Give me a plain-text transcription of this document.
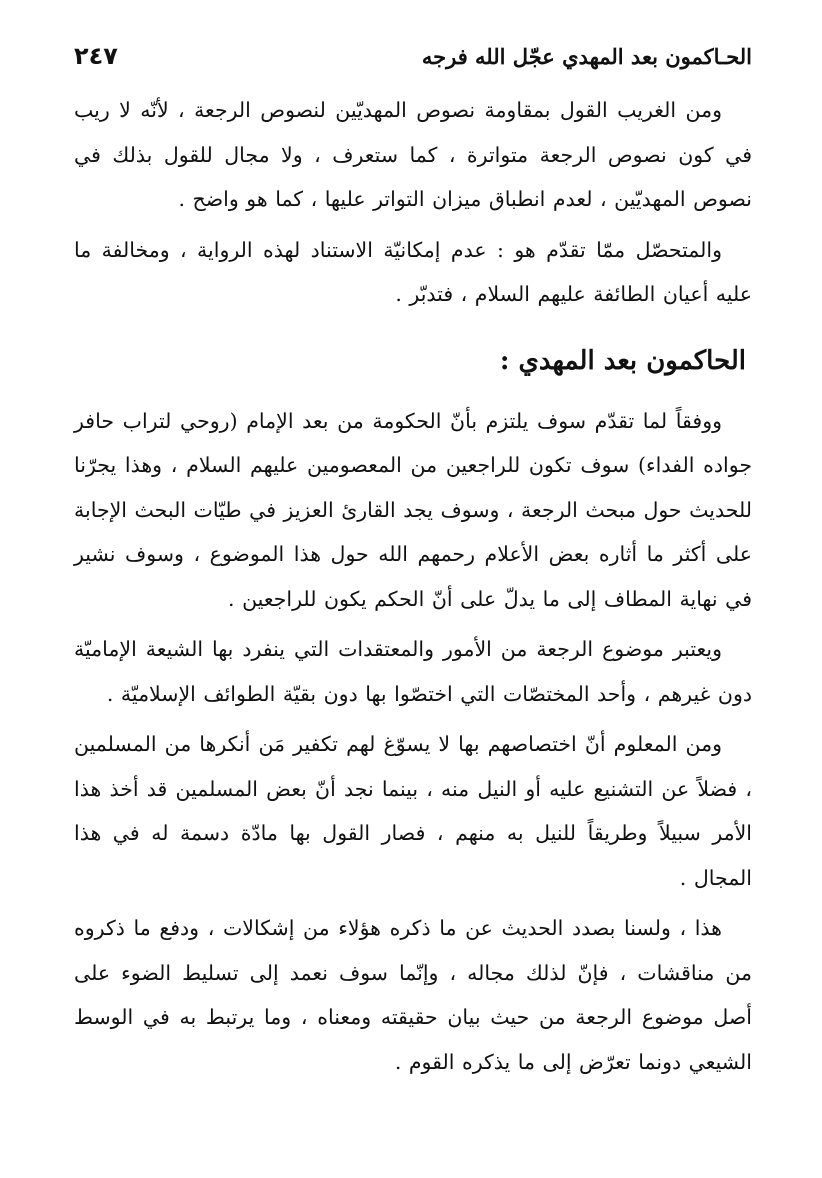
الحـاكمون بعد المهدي عجّل الله فرجه
٢٤٧

ومن الغريب القول بمقاومة نصوص المهديّين لنصوص الرجعة ، لأنّه لا ريب في كون نصوص الرجعة متواترة ، كما ستعرف ، ولا مجال للقول بذلك في نصوص المهديّين ، لعدم انطباق ميزان التواتر عليها ، كما هو واضح .

والمتحصّل ممّا تقدّم هو : عدم إمكانيّة الاستناد لهذه الرواية ، ومخالفة ما عليه أعيان الطائفة عليهم السلام ، فتدبّر .

الحاكمون بعد المهدي :

ووفقاً لما تقدّم سوف يلتزم بأنّ الحكومة من بعد الإمام (روحي لتراب حافر جواده الفداء) سوف تكون للراجعين من المعصومين عليهم السلام ، وهذا يجرّنا للحديث حول مبحث الرجعة ، وسوف يجد القارئ العزيز في طيّات البحث الإجابة على أكثر ما أثاره بعض الأعلام رحمهم الله حول هذا الموضوع ، وسوف نشير في نهاية المطاف إلى ما يدلّ على أنّ الحكم يكون للراجعين .

ويعتبر موضوع الرجعة من الأمور والمعتقدات التي ينفرد بها الشيعة الإماميّة دون غيرهم ، وأحد المختصّات التي اختصّوا بها دون بقيّة الطوائف الإسلاميّة .

ومن المعلوم أنّ اختصاصهم بها لا يسوّغ لهم تكفير مَن أنكرها من المسلمين ، فضلاً عن التشنيع عليه أو النيل منه ، بينما نجد أنّ بعض المسلمين قد أخذ هذا الأمر سبيلاً وطريقاً للنيل به منهم ، فصار القول بها مادّة دسمة له في هذا المجال .

هذا ، ولسنا بصدد الحديث عن ما ذكره هؤلاء من إشكالات ، ودفع ما ذكروه من مناقشات ، فإنّ لذلك مجاله ، وإنّما سوف نعمد إلى تسليط الضوء على أصل موضوع الرجعة من حيث بيان حقيقته ومعناه ، وما يرتبط به في الوسط الشيعي دونما تعرّض إلى ما يذكره القوم .
